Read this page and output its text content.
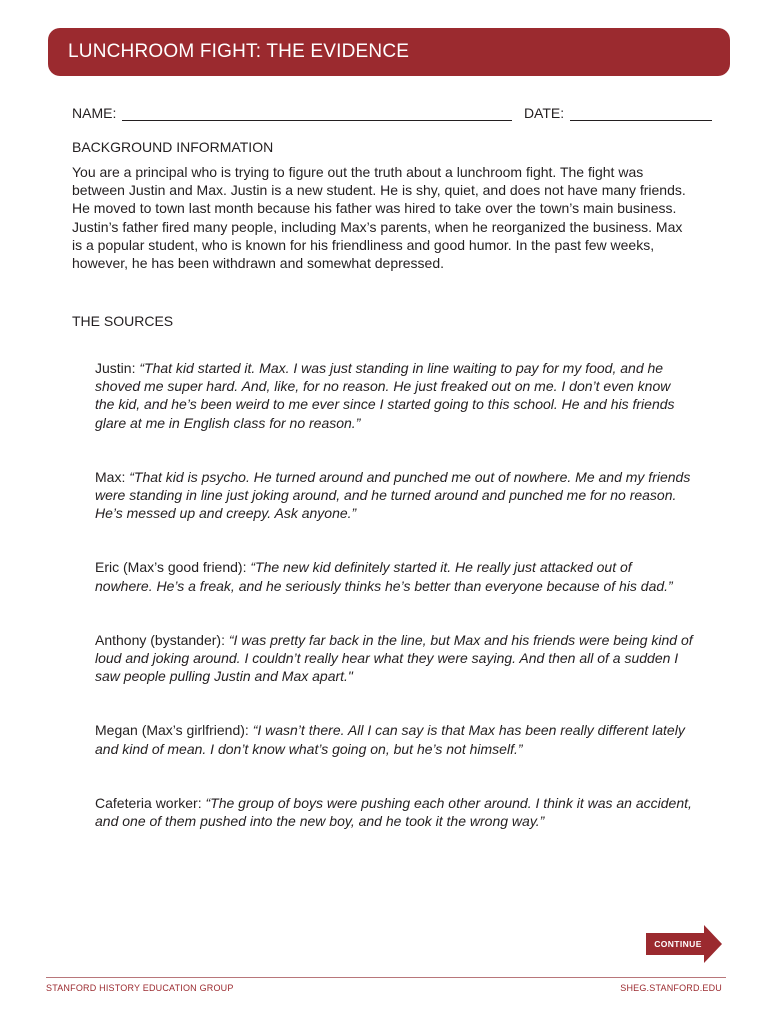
LUNCHROOM FIGHT: THE EVIDENCE
NAME:	DATE:
BACKGROUND INFORMATION

You are a principal who is trying to figure out the truth about a lunchroom fight. The fight was between Justin and Max. Justin is a new student. He is shy, quiet, and does not have many friends. He moved to town last month because his father was hired to take over the town’s main business. Justin’s father fired many people, including Max’s parents, when he reorganized the business. Max is a popular student, who is known for his friendliness and good humor. In the past few weeks, however, he has been withdrawn and somewhat depressed.

THE SOURCES

Justin: “That kid started it. Max. I was just standing in line waiting to pay for my food, and he shoved me super hard. And, like, for no reason. He just freaked out on me. I don’t even know the kid, and he’s been weird to me ever since I started going to this school. He and his friends glare at me in English class for no reason.”

Max: “That kid is psycho. He turned around and punched me out of nowhere. Me and my friends were standing in line just joking around, and he turned around and punched me for no reason. He’s messed up and creepy. Ask anyone.”

Eric (Max’s good friend): “The new kid definitely started it. He really just attacked out of nowhere. He’s a freak, and he seriously thinks he’s better than everyone because of his dad.”

Anthony (bystander): “I was pretty far back in the line, but Max and his friends were being kind of loud and joking around. I couldn’t really hear what they were saying. And then all of a sudden I saw people pulling Justin and Max apart."

Megan (Max’s girlfriend): “I wasn’t there. All I can say is that Max has been really different lately and kind of mean. I don’t know what’s going on, but he’s not himself.”

Cafeteria worker: “The group of boys were pushing each other around. I think it was an accident, and one of them pushed into the new boy, and he took it the wrong way.”

CONTINUE
STANFORD HISTORY EDUCATION GROUP	SHEG.STANFORD.EDU
